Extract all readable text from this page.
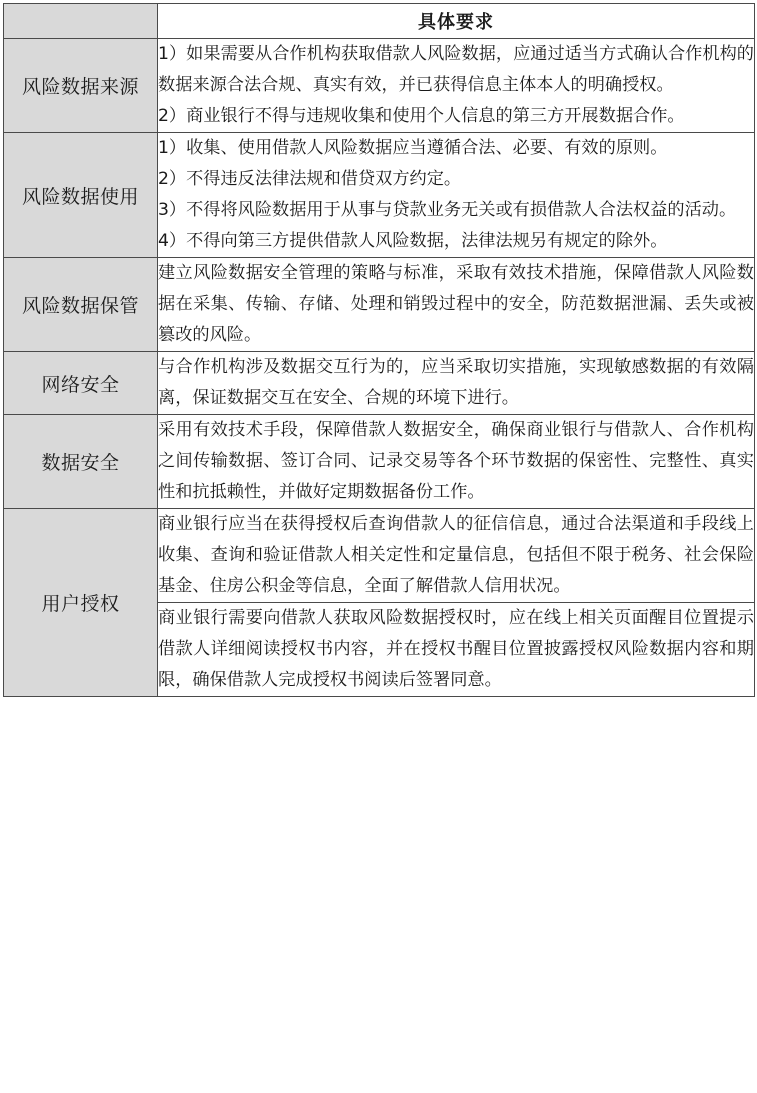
	具体要求
风险数据来源	1）如果需要从合作机构获取借款人风险数据，应通过适当方式确认合作机构的数据来源合法合规、真实有效，并已获得信息主体本人的明确授权。

2）商业银行不得与违规收集和使用个人信息的第三方开展数据合作。

风险数据使用	1）收集、使用借款人风险数据应当遵循合法、必要、有效的原则。

2）不得违反法律法规和借贷双方约定。

3）不得将风险数据用于从事与贷款业务无关或有损借款人合法权益的活动。

4）不得向第三方提供借款人风险数据，法律法规另有规定的除外。

风险数据保管	建立风险数据安全管理的策略与标准，采取有效技术措施，保障借款人风险数据在采集、传输、存储、处理和销毁过程中的安全，防范数据泄漏、丢失或被篡改的风险。

网络安全	与合作机构涉及数据交互行为的，应当采取切实措施，实现敏感数据的有效隔离，保证数据交互在安全、合规的环境下进行。

数据安全	采用有效技术手段，保障借款人数据安全，确保商业银行与借款人、合作机构之间传输数据、签订合同、记录交易等各个环节数据的保密性、完整性、真实性和抗抵赖性，并做好定期数据备份工作。

用户授权	商业银行应当在获得授权后查询借款人的征信信息，通过合法渠道和手段线上收集、查询和验证借款人相关定性和定量信息，包括但不限于税务、社会保险基金、住房公积金等信息，全面了解借款人信用状况。

	商业银行需要向借款人获取风险数据授权时，应在线上相关页面醒目位置提示借款人详细阅读授权书内容，并在授权书醒目位置披露授权风险数据内容和期限，确保借款人完成授权书阅读后签署同意。
